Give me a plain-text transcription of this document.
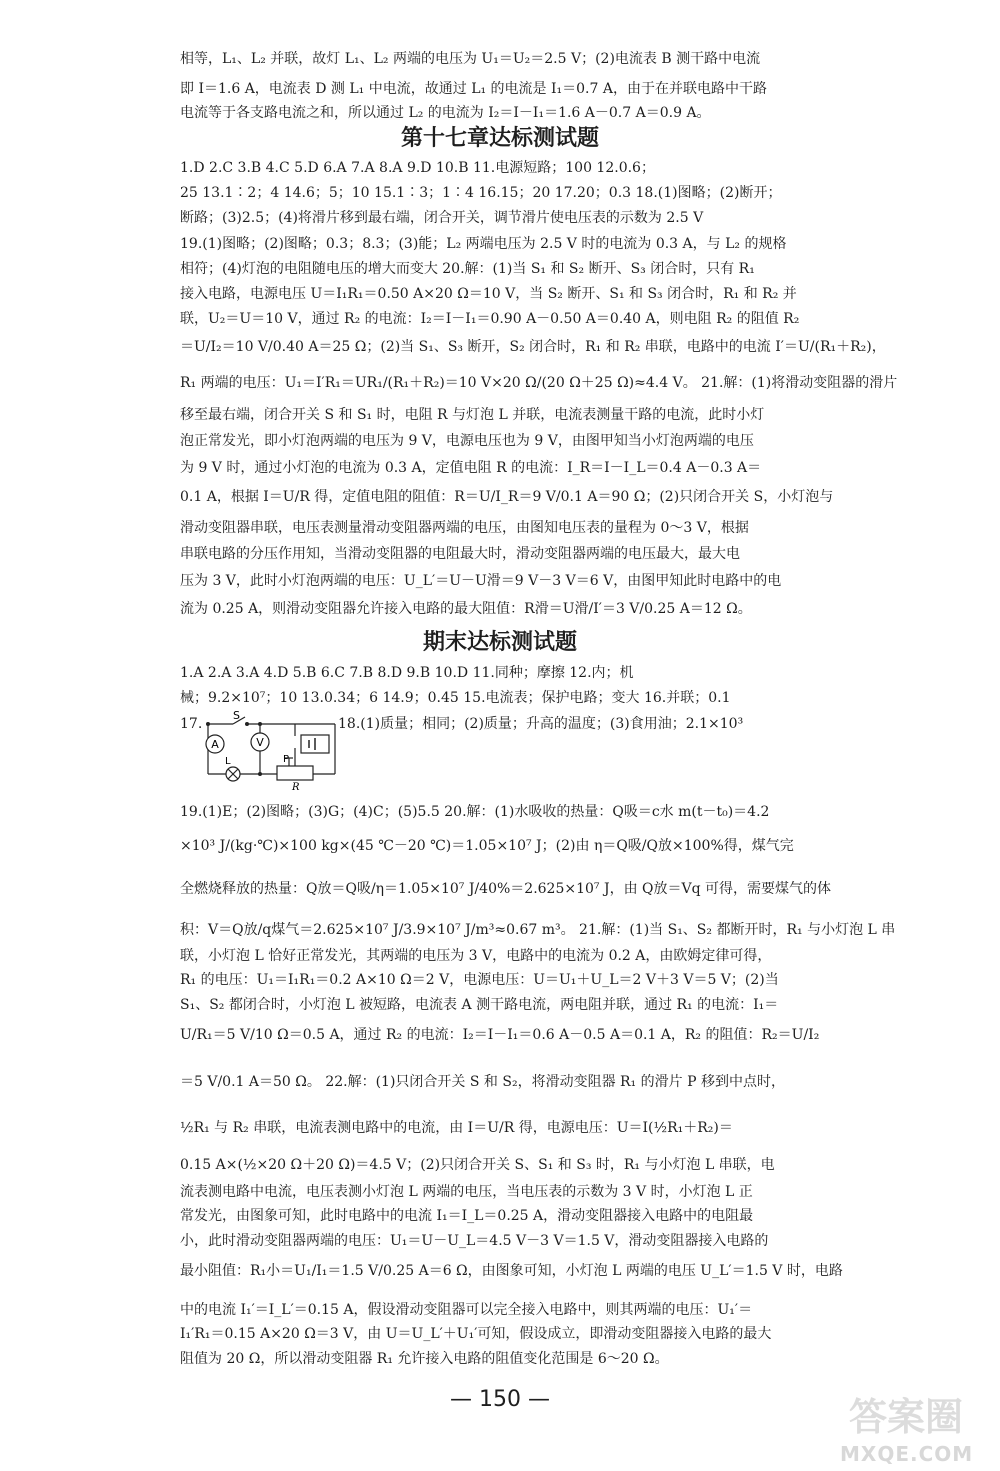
相等，L₁、L₂ 并联，故灯 L₁、L₂ 两端的电压为 U₁＝U₂＝2.5 V；(2)电流表 B 测干路中电流
即 I＝1.6 A，电流表 D 测 L₁ 中电流，故通过 L₁ 的电流是 I₁＝0.7 A，由于在并联电路中干路
电流等于各支路电流之和，所以通过 L₂ 的电流为 I₂＝I－I₁＝1.6 A－0.7 A＝0.9 A。
第十七章达标测试题
1.D 2.C 3.B 4.C 5.D 6.A 7.A 8.A 9.D 10.B 11.电源短路；100 12.0.6；
25 13.1∶2；4 14.6；5；10 15.1∶3；1∶4 16.15；20 17.20；0.3 18.(1)图略；(2)断开；
断路；(3)2.5；(4)将滑片移到最右端，闭合开关，调节滑片使电压表的示数为 2.5 V
19.(1)图略；(2)图略；0.3；8.3；(3)能；L₂ 两端电压为 2.5 V 时的电流为 0.3 A，与 L₂ 的规格
相符；(4)灯泡的电阻随电压的增大而变大 20.解：(1)当 S₁ 和 S₂ 断开、S₃ 闭合时，只有 R₁
接入电路，电源电压 U＝I₁R₁＝0.50 A×20 Ω＝10 V，当 S₂ 断开、S₁ 和 S₃ 闭合时，R₁ 和 R₂ 并
联，U₂＝U＝10 V，通过 R₂ 的电流：I₂＝I－I₁＝0.90 A－0.50 A＝0.40 A，则电阻 R₂ 的阻值 R₂
＝U/I₂＝10 V/0.40 A＝25 Ω；(2)当 S₁、S₃ 断开，S₂ 闭合时，R₁ 和 R₂ 串联，电路中的电流 I′＝U/(R₁＋R₂)，
R₁ 两端的电压：U₁＝I′R₁＝UR₁/(R₁＋R₂)＝10 V×20 Ω/(20 Ω＋25 Ω)≈4.4 V。 21.解：(1)将滑动变阻器的滑片
移至最右端，闭合开关 S 和 S₁ 时，电阻 R 与灯泡 L 并联，电流表测量干路的电流，此时小灯
泡正常发光，即小灯泡两端的电压为 9 V，电源电压也为 9 V，由图甲知当小灯泡两端的电压
为 9 V 时，通过小灯泡的电流为 0.3 A，定值电阻 R 的电流：I_R＝I－I_L＝0.4 A－0.3 A＝
0.1 A，根据 I＝U/R 得，定值电阻的阻值：R＝U/I_R＝9 V/0.1 A＝90 Ω；(2)只闭合开关 S，小灯泡与
滑动变阻器串联，电压表测量滑动变阻器两端的电压，由图知电压表的量程为 0～3 V，根据
串联电路的分压作用知，当滑动变阻器的电阻最大时，滑动变阻器两端的电压最大，最大电
压为 3 V，此时小灯泡两端的电压：U_L′＝U－U滑＝9 V－3 V＝6 V，由图甲知此时电路中的电
流为 0.25 A，则滑动变阻器允许接入电路的最大阻值：R滑＝U滑/I′＝3 V/0.25 A＝12 Ω。
期末达标测试题
1.A 2.A 3.A 4.D 5.B 6.C 7.B 8.D 9.B 10.D 11.同种；摩擦 12.内；机
械；9.2×10⁷；10 13.0.34；6 14.9；0.45 15.电流表；保护电路；变大 16.并联；0.1
17.	18.(1)质量；相同；(2)质量；升高的温度；(3)食用油；2.1×10³
A	V
S
L	P
R
19.(1)E；(2)图略；(3)G；(4)C；(5)5.5 20.解：(1)水吸收的热量：Q吸＝c水 m(t－t₀)＝4.2
×10³ J/(kg·℃)×100 kg×(45 ℃－20 ℃)＝1.05×10⁷ J；(2)由 η＝Q吸/Q放×100%得，煤气完
全燃烧释放的热量：Q放＝Q吸/η＝1.05×10⁷ J/40%＝2.625×10⁷ J，由 Q放＝Vq 可得，需要煤气的体
积：V＝Q放/q煤气＝2.625×10⁷ J/3.9×10⁷ J/m³≈0.67 m³。 21.解：(1)当 S₁、S₂ 都断开时，R₁ 与小灯泡 L 串
联，小灯泡 L 恰好正常发光，其两端的电压为 3 V，电路中的电流为 0.2 A，由欧姆定律可得，
R₁ 的电压：U₁＝I₁R₁＝0.2 A×10 Ω＝2 V，电源电压：U＝U₁＋U_L＝2 V＋3 V＝5 V；(2)当
S₁、S₂ 都闭合时，小灯泡 L 被短路，电流表 A 测干路电流，两电阻并联，通过 R₁ 的电流：I₁＝
U/R₁＝5 V/10 Ω＝0.5 A，通过 R₂ 的电流：I₂＝I－I₁＝0.6 A－0.5 A＝0.1 A，R₂ 的阻值：R₂＝U/I₂
＝5 V/0.1 A＝50 Ω。 22.解：(1)只闭合开关 S 和 S₂，将滑动变阻器 R₁ 的滑片 P 移到中点时，
½R₁ 与 R₂ 串联，电流表测电路中的电流，由 I＝U/R 得，电源电压：U＝I(½R₁＋R₂)＝
0.15 A×(½×20 Ω＋20 Ω)＝4.5 V；(2)只闭合开关 S、S₁ 和 S₃ 时，R₁ 与小灯泡 L 串联，电
流表测电路中电流，电压表测小灯泡 L 两端的电压，当电压表的示数为 3 V 时，小灯泡 L 正
常发光，由图象可知，此时电路中的电流 I₁＝I_L＝0.25 A，滑动变阻器接入电路中的电阻最
小，此时滑动变阻器两端的电压：U₁＝U－U_L＝4.5 V－3 V＝1.5 V，滑动变阻器接入电路的
最小阻值：R₁小＝U₁/I₁＝1.5 V/0.25 A＝6 Ω，由图象可知，小灯泡 L 两端的电压 U_L′＝1.5 V 时，电路
中的电流 I₁′＝I_L′＝0.15 A，假设滑动变阻器可以完全接入电路中，则其两端的电压：U₁′＝
I₁′R₁＝0.15 A×20 Ω＝3 V，由 U＝U_L′＋U₁′可知，假设成立，即滑动变阻器接入电路的最大
阻值为 20 Ω，所以滑动变阻器 R₁ 允许接入电路的阻值变化范围是 6～20 Ω。
— 150 —	答案圈
MXQE.COM
